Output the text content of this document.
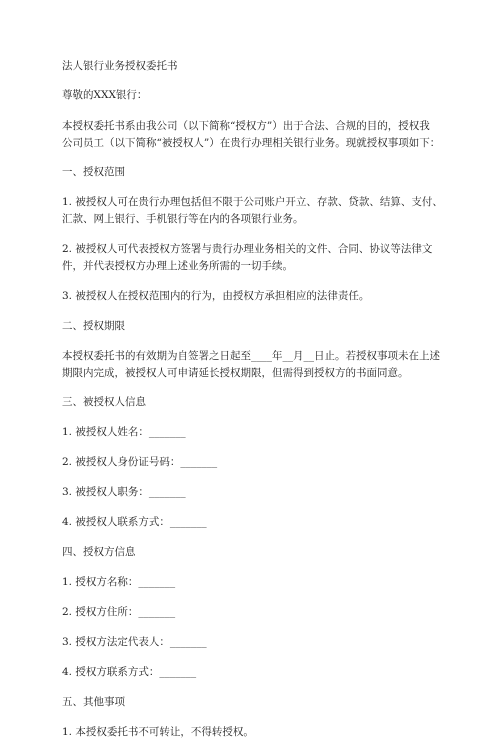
法人银行业务授权委托书
尊敬的XXX银行：
本授权委托书系由我公司（以下简称“授权方”）出于合法、合规的目的，授权我
公司员工（以下简称“被授权人”）在贵行办理相关银行业务。现就授权事项如下：
一、授权范围
1. 被授权人可在贵行办理包括但不限于公司账户开立、存款、贷款、结算、支付、
汇款、网上银行、手机银行等在内的各项银行业务。
2. 被授权人可代表授权方签署与贵行办理业务相关的文件、合同、协议等法律文
件，并代表授权方办理上述业务所需的一切手续。
3. 被授权人在授权范围内的行为，由授权方承担相应的法律责任。
二、授权期限
本授权委托书的有效期为自签署之日起至____年__月__日止。若授权事项未在上述
期限内完成，被授权人可申请延长授权期限，但需得到授权方的书面同意。
三、被授权人信息
1. 被授权人姓名：_______
2. 被授权人身份证号码：_______
3. 被授权人职务：_______
4. 被授权人联系方式：_______
四、授权方信息
1. 授权方名称：_______
2. 授权方住所：_______
3. 授权方法定代表人：_______
4. 授权方联系方式：_______
五、其他事项
1. 本授权委托书不可转让，不得转授权。
